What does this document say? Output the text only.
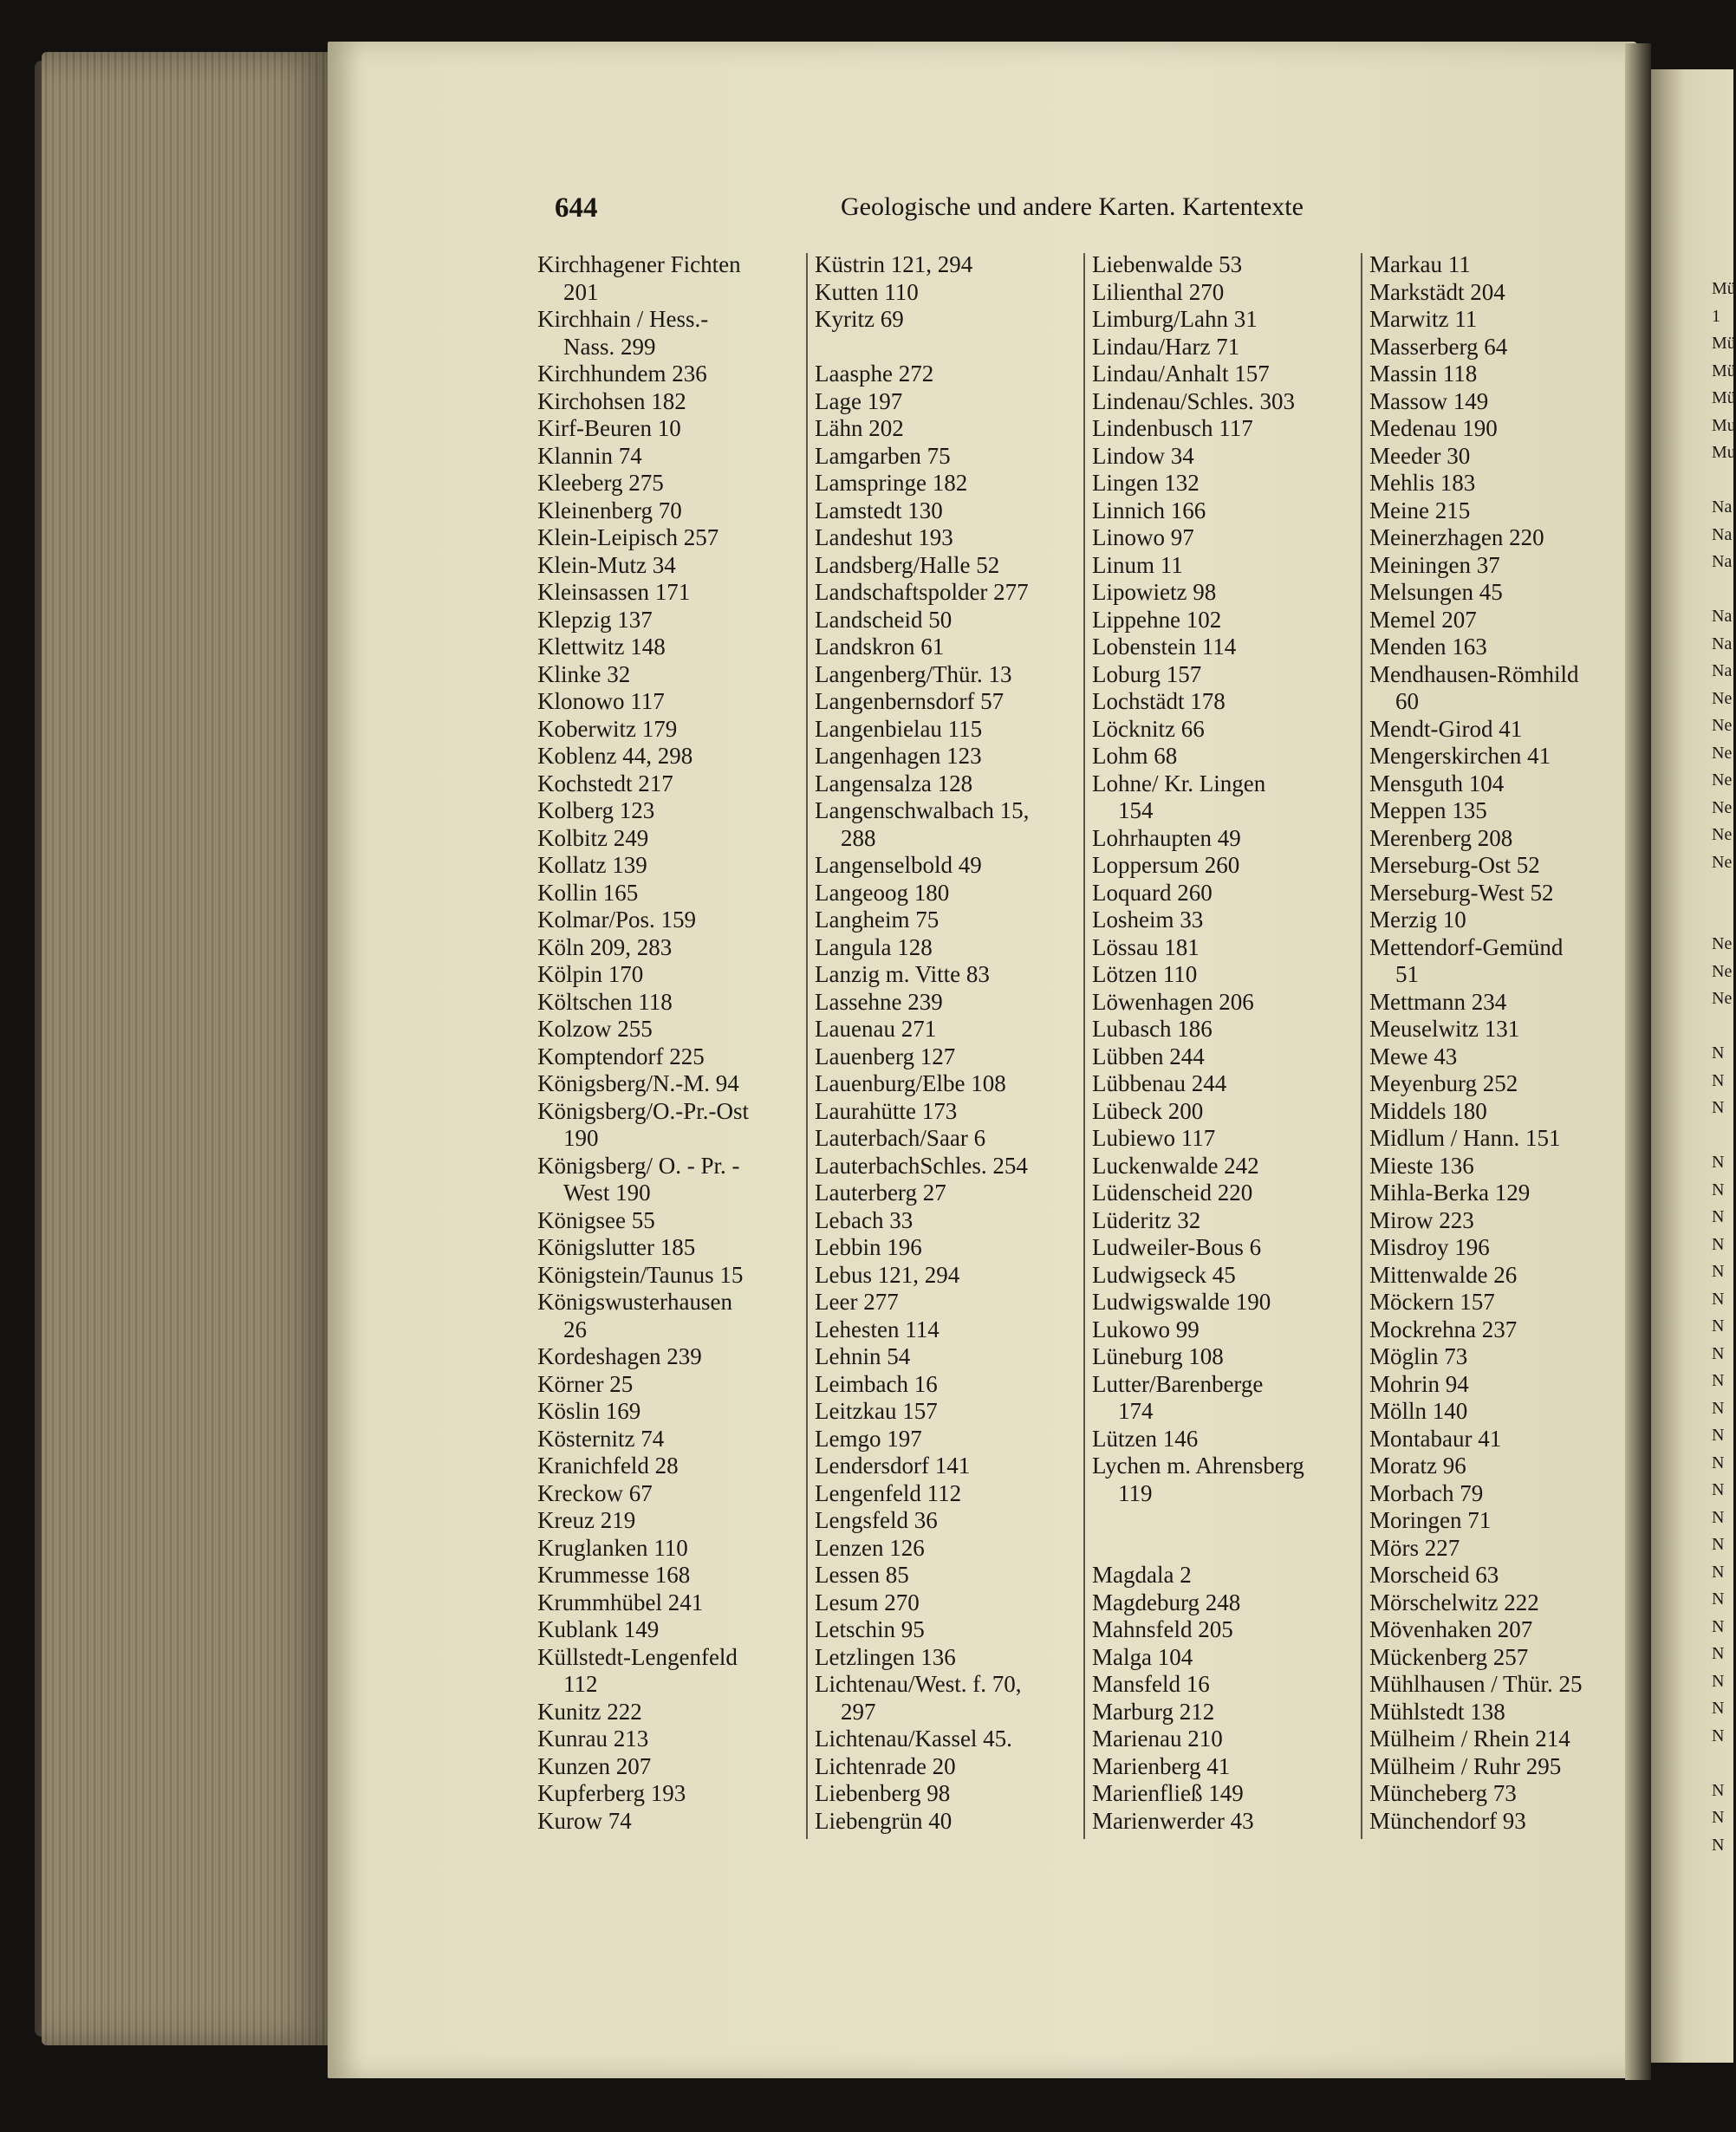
644	Geologische und andere Karten. Kartentexte
Kirchhagener Fichten
201
Kirchhain / Hess.-
Nass. 299
Kirchhundem 236
Kirchohsen 182
Kirf-Beuren 10
Klannin 74
Kleeberg 275
Kleinenberg 70
Klein-Leipisch 257
Klein-Mutz 34
Kleinsassen 171
Klepzig 137
Klettwitz 148
Klinke 32
Klonowo 117
Koberwitz 179
Koblenz 44, 298
Kochstedt 217
Kolberg 123
Kolbitz 249
Kollatz 139
Kollin 165
Kolmar/Pos. 159
Köln 209, 283
Kölpin 170
Költschen 118
Kolzow 255
Komptendorf 225
Königsberg/N.-M. 94
Königsberg/O.-Pr.-Ost
190
Königsberg/ O. - Pr. -
West 190
Königsee 55
Königslutter 185
Königstein/Taunus 15
Königswusterhausen
26
Kordeshagen 239
Körner 25
Köslin 169
Kösternitz 74
Kranichfeld 28
Kreckow 67
Kreuz 219
Kruglanken 110
Krummesse 168
Krummhübel 241
Kublank 149
Küllstedt-Lengenfeld
112
Kunitz 222
Kunrau 213
Kunzen 207
Kupferberg 193
Kurow 74
Küstrin 121, 294
Kutten 110
Kyritz 69
Laasphe 272
Lage 197
Lähn 202
Lamgarben 75
Lamspringe 182
Lamstedt 130
Landeshut 193
Landsberg/Halle 52
Landschaftspolder 277
Landscheid 50
Landskron 61
Langenberg/Thür. 13
Langenbernsdorf 57
Langenbielau 115
Langenhagen 123
Langensalza 128
Langenschwalbach 15,
288
Langenselbold 49
Langeoog 180
Langheim 75
Langula 128
Lanzig m. Vitte 83
Lassehne 239
Lauenau 271
Lauenberg 127
Lauenburg/Elbe 108
Laurahütte 173
Lauterbach/Saar 6
LauterbachSchles. 254
Lauterberg 27
Lebach 33
Lebbin 196
Lebus 121, 294
Leer 277
Lehesten 114
Lehnin 54
Leimbach 16
Leitzkau 157
Lemgo 197
Lendersdorf 141
Lengenfeld 112
Lengsfeld 36
Lenzen 126
Lessen 85
Lesum 270
Letschin 95
Letzlingen 136
Lichtenau/West. f. 70,
297
Lichtenau/Kassel 45.
Lichtenrade 20
Liebenberg 98
Liebengrün 40
Liebenwalde 53
Lilienthal 270
Limburg/Lahn 31
Lindau/Harz 71
Lindau/Anhalt 157
Lindenau/Schles. 303
Lindenbusch 117
Lindow 34
Lingen 132
Linnich 166
Linowo 97
Linum 11
Lipowietz 98
Lippehne 102
Lobenstein 114
Loburg 157
Lochstädt 178
Löcknitz 66
Lohm 68
Lohne/ Kr. Lingen
154
Lohrhaupten 49
Loppersum 260
Loquard 260
Losheim 33
Lössau 181
Lötzen 110
Löwenhagen 206
Lubasch 186
Lübben 244
Lübbenau 244
Lübeck 200
Lubiewo 117
Luckenwalde 242
Lüdenscheid 220
Lüderitz 32
Ludweiler-Bous 6
Ludwigseck 45
Ludwigswalde 190
Lukowo 99
Lüneburg 108
Lutter/Barenberge
174
Lützen 146
Lychen m. Ahrensberg
119
Magdala 2
Magdeburg 248
Mahnsfeld 205
Malga 104
Mansfeld 16
Marburg 212
Marienau 210
Marienberg 41
Marienfließ 149
Marienwerder 43
Markau 11
Markstädt 204
Marwitz 11
Masserberg 64
Massin 118
Massow 149
Medenau 190
Meeder 30
Mehlis 183
Meine 215
Meinerzhagen 220
Meiningen 37
Melsungen 45
Memel 207
Menden 163
Mendhausen-Römhild
60
Mendt-Girod 41
Mengerskirchen 41
Mensguth 104
Meppen 135
Merenberg 208
Merseburg-Ost 52
Merseburg-West 52
Merzig 10
Mettendorf-Gemünd
51
Mettmann 234
Meuselwitz 131
Mewe 43
Meyenburg 252
Middels 180
Midlum / Hann. 151
Mieste 136
Mihla-Berka 129
Mirow 223
Misdroy 196
Mittenwalde 26
Möckern 157
Mockrehna 237
Möglin 73
Mohrin 94
Mölln 140
Montabaur 41
Moratz 96
Morbach 79
Moringen 71
Mörs 227
Morscheid 63
Mörschelwitz 222
Mövenhaken 207
Mückenberg 257
Mühlhausen / Thür. 25
Mühlstedt 138
Mülheim / Rhein 214
Mülheim / Ruhr 295
Müncheberg 73
Münchendorf 93
Mü
1
Mü
Mü
Mü
Mu
Mu

Na
Na
Na

Na
Na
Na
Ne
Ne
Ne
Ne
Ne
Ne
Ne

Ne
Ne
Ne

N
N
N

N
N
N
N
N
N
N
N
N
N
N
N
N
N
N
N
N
N
N
N
N
N

N
N
N
